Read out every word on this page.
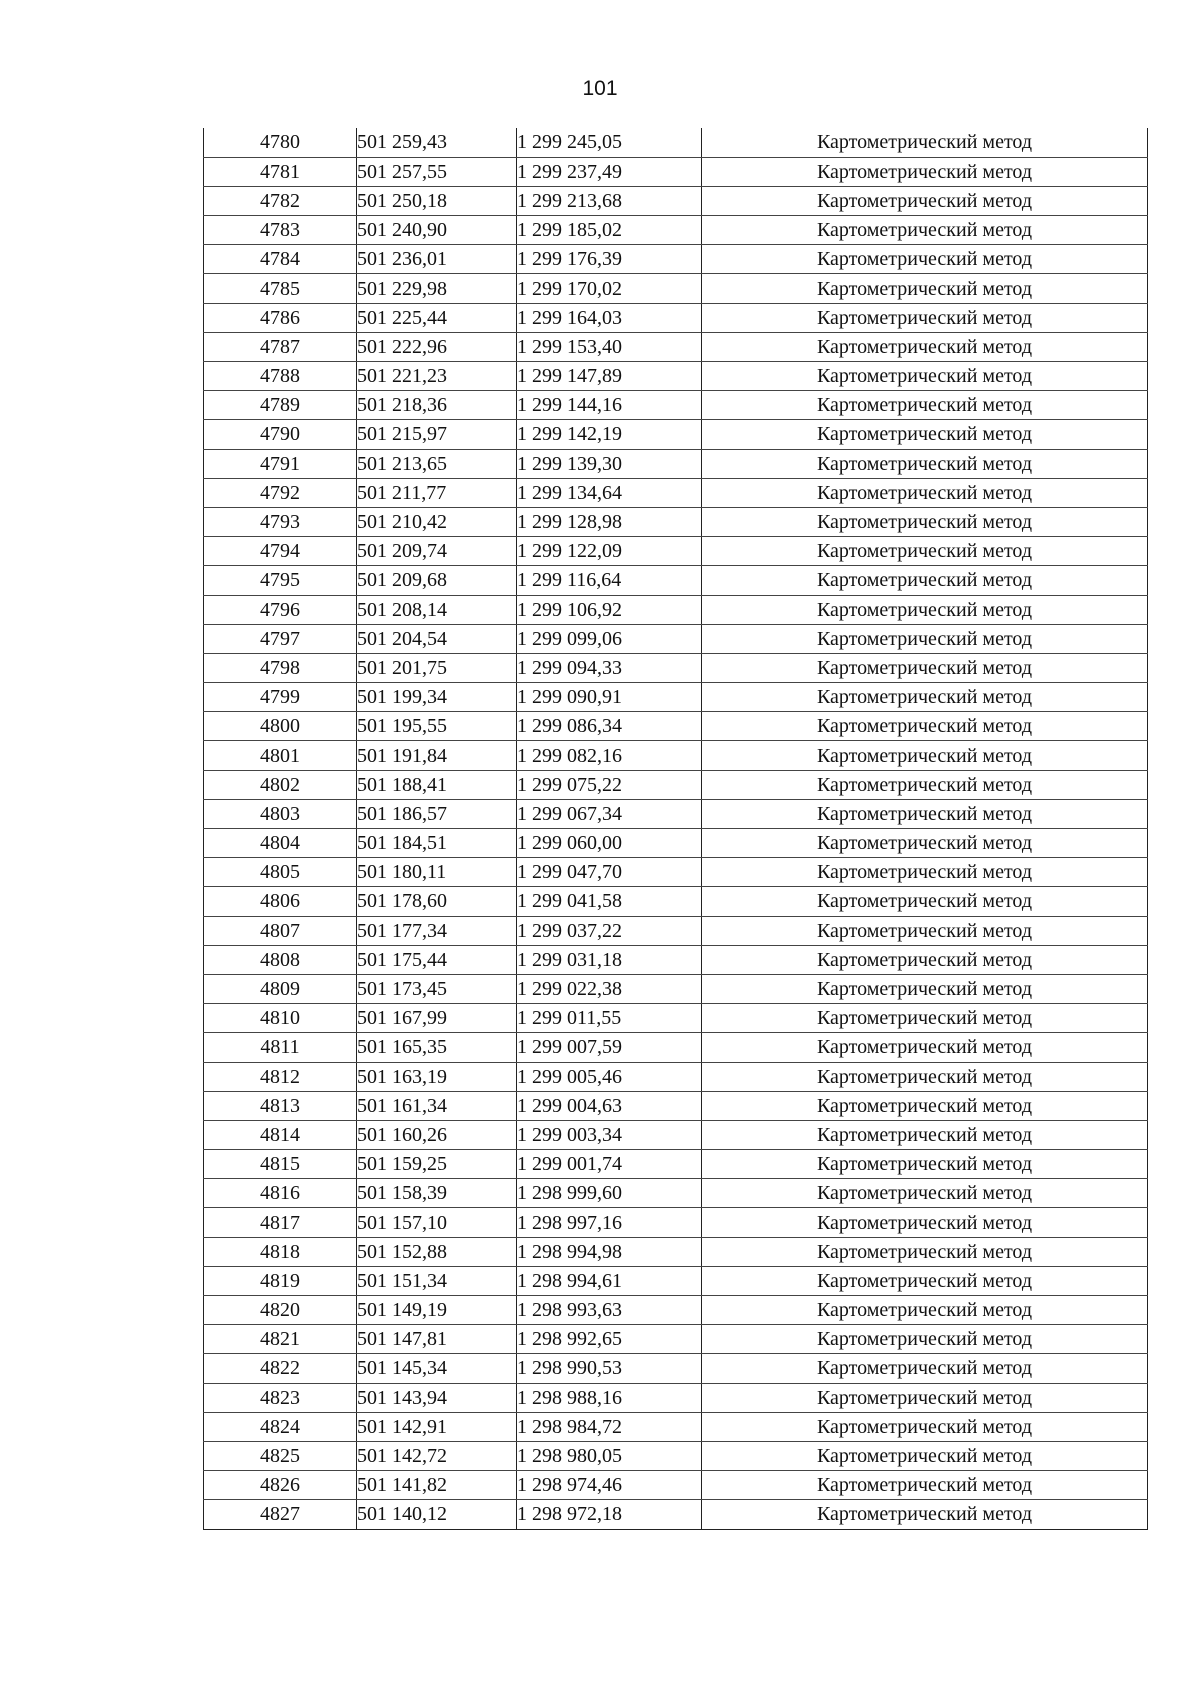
101
4780	501 259,43	1 299 245,05	Картометрический метод
4781	501 257,55	1 299 237,49	Картометрический метод
4782	501 250,18	1 299 213,68	Картометрический метод
4783	501 240,90	1 299 185,02	Картометрический метод
4784	501 236,01	1 299 176,39	Картометрический метод
4785	501 229,98	1 299 170,02	Картометрический метод
4786	501 225,44	1 299 164,03	Картометрический метод
4787	501 222,96	1 299 153,40	Картометрический метод
4788	501 221,23	1 299 147,89	Картометрический метод
4789	501 218,36	1 299 144,16	Картометрический метод
4790	501 215,97	1 299 142,19	Картометрический метод
4791	501 213,65	1 299 139,30	Картометрический метод
4792	501 211,77	1 299 134,64	Картометрический метод
4793	501 210,42	1 299 128,98	Картометрический метод
4794	501 209,74	1 299 122,09	Картометрический метод
4795	501 209,68	1 299 116,64	Картометрический метод
4796	501 208,14	1 299 106,92	Картометрический метод
4797	501 204,54	1 299 099,06	Картометрический метод
4798	501 201,75	1 299 094,33	Картометрический метод
4799	501 199,34	1 299 090,91	Картометрический метод
4800	501 195,55	1 299 086,34	Картометрический метод
4801	501 191,84	1 299 082,16	Картометрический метод
4802	501 188,41	1 299 075,22	Картометрический метод
4803	501 186,57	1 299 067,34	Картометрический метод
4804	501 184,51	1 299 060,00	Картометрический метод
4805	501 180,11	1 299 047,70	Картометрический метод
4806	501 178,60	1 299 041,58	Картометрический метод
4807	501 177,34	1 299 037,22	Картометрический метод
4808	501 175,44	1 299 031,18	Картометрический метод
4809	501 173,45	1 299 022,38	Картометрический метод
4810	501 167,99	1 299 011,55	Картометрический метод
4811	501 165,35	1 299 007,59	Картометрический метод
4812	501 163,19	1 299 005,46	Картометрический метод
4813	501 161,34	1 299 004,63	Картометрический метод
4814	501 160,26	1 299 003,34	Картометрический метод
4815	501 159,25	1 299 001,74	Картометрический метод
4816	501 158,39	1 298 999,60	Картометрический метод
4817	501 157,10	1 298 997,16	Картометрический метод
4818	501 152,88	1 298 994,98	Картометрический метод
4819	501 151,34	1 298 994,61	Картометрический метод
4820	501 149,19	1 298 993,63	Картометрический метод
4821	501 147,81	1 298 992,65	Картометрический метод
4822	501 145,34	1 298 990,53	Картометрический метод
4823	501 143,94	1 298 988,16	Картометрический метод
4824	501 142,91	1 298 984,72	Картометрический метод
4825	501 142,72	1 298 980,05	Картометрический метод
4826	501 141,82	1 298 974,46	Картометрический метод
4827	501 140,12	1 298 972,18	Картометрический метод
